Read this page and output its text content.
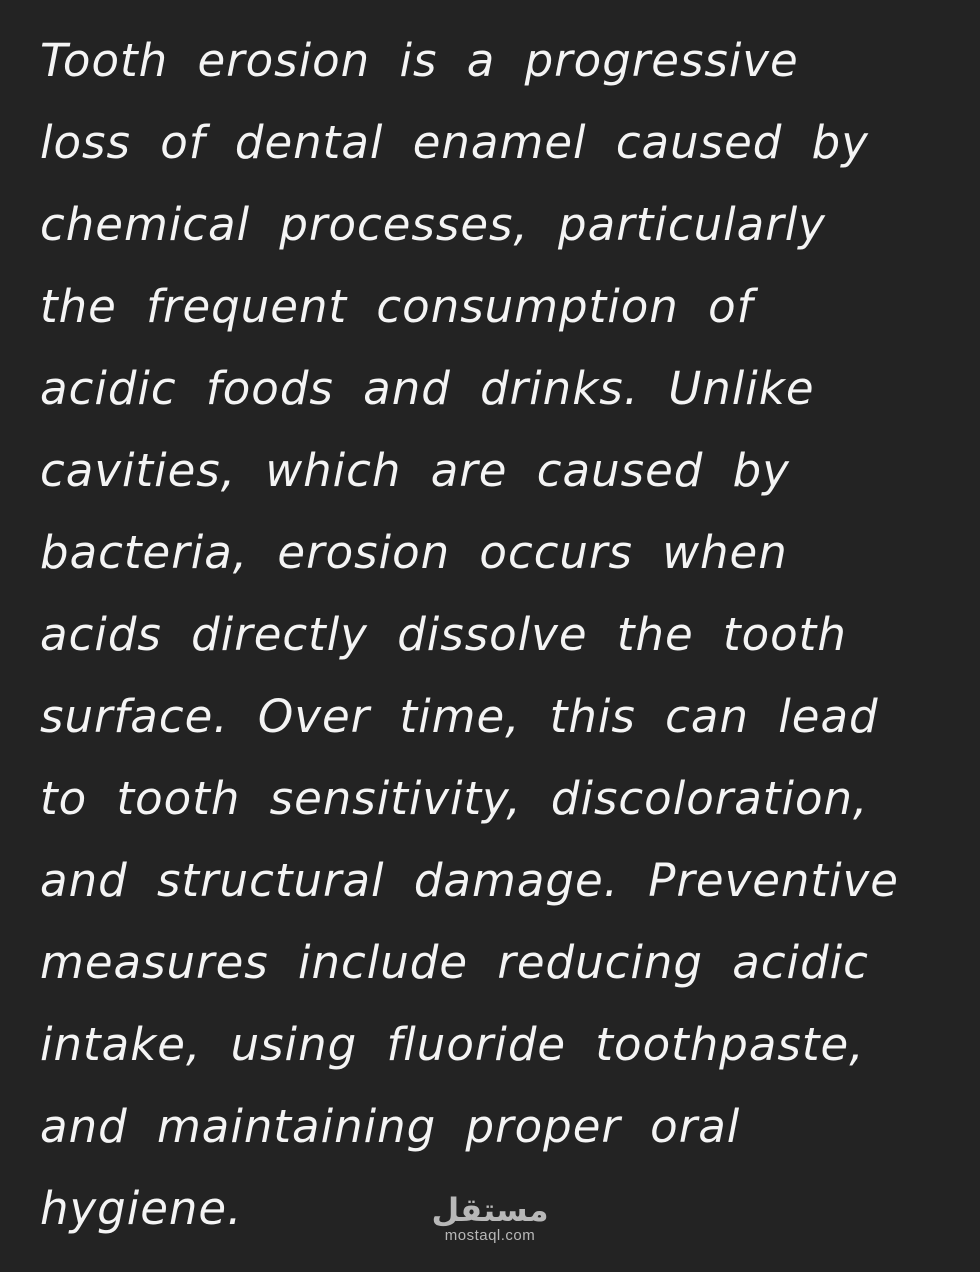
Tooth erosion is a progressive
loss of dental enamel caused by
chemical processes, particularly
the frequent consumption of
acidic foods and drinks. Unlike
cavities, which are caused by
bacteria, erosion occurs when
acids directly dissolve the tooth
surface. Over time, this can lead
to tooth sensitivity, discoloration,
and structural damage. Preventive
measures include reducing acidic
intake, using fluoride toothpaste,
and maintaining proper oral
hygiene.	مستقل
mostaql.com
